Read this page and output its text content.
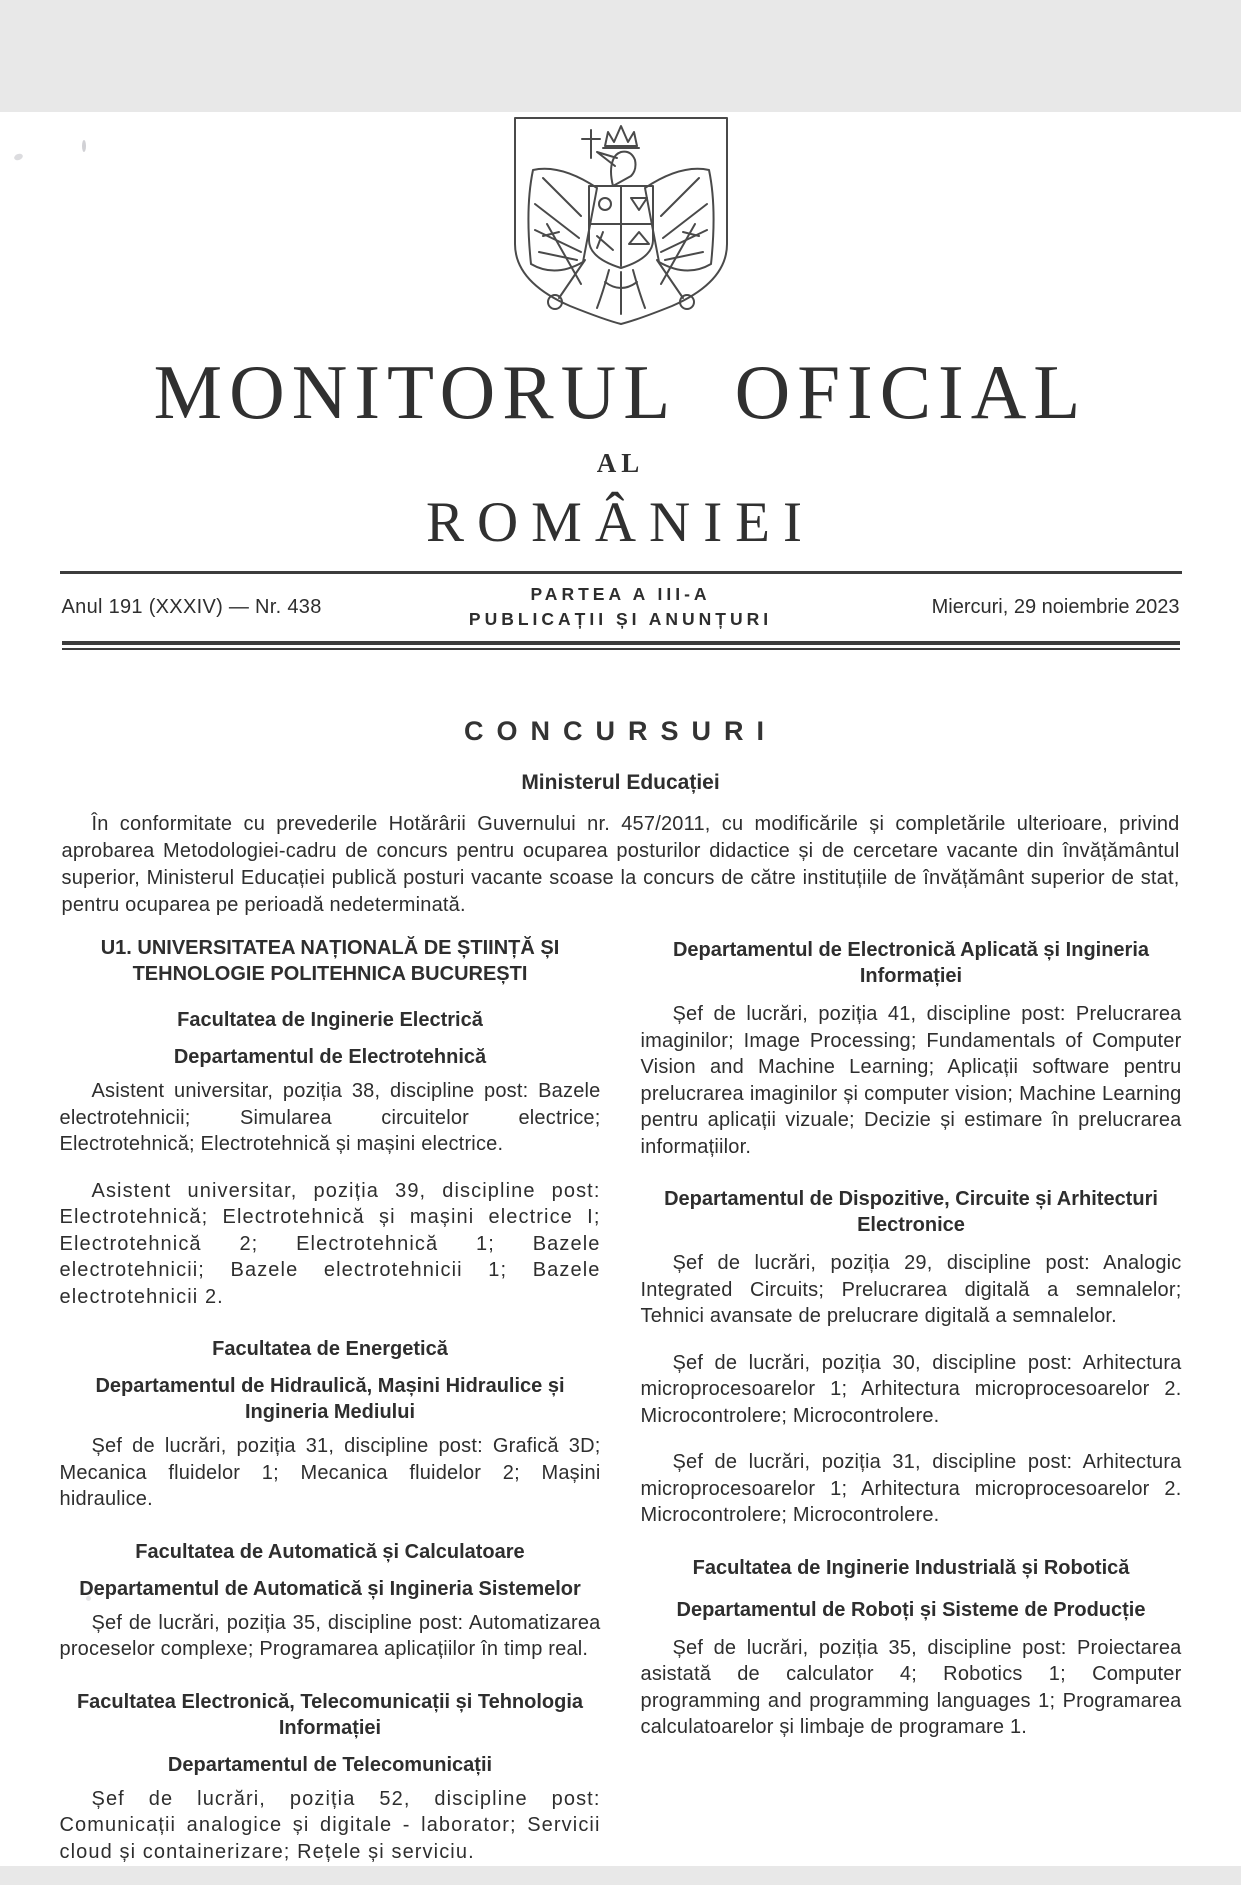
MONITORUL OFICIAL
AL
ROMÂNIEI
Anul 191 (XXXIV) — Nr. 438
PARTEA A III-A
PUBLICAȚII ȘI ANUNȚURI
Miercuri, 29 noiembrie 2023
CONCURSURI
Ministerul Educației

În conformitate cu prevederile Hotărârii Guvernului nr. 457/2011, cu modificările și completările ulterioare, privind aprobarea Metodologiei-cadru de concurs pentru ocuparea posturilor didactice și de cercetare vacante din învățământul superior, Ministerul Educației publică posturi vacante scoase la concurs de către instituțiile de învățământ superior de stat, pentru ocuparea pe perioadă nedeterminată.

U1. UNIVERSITATEA NAȚIONALĂ DE ȘTIINȚĂ ȘI TEHNOLOGIE POLITEHNICA BUCUREȘTI
Facultatea de Inginerie Electrică
Departamentul de Electrotehnică

Asistent universitar, poziția 38, discipline post: Bazele electrotehnicii; Simularea circuitelor electrice; Electrotehnică; Electrotehnică și mașini electrice.

Asistent universitar, poziția 39, discipline post: Electrotehnică; Electrotehnică și mașini electrice I; Electrotehnică 2; Electrotehnică 1; Bazele electrotehnicii; Bazele electrotehnicii 1; Bazele electrotehnicii 2.

Facultatea de Energetică
Departamentul de Hidraulică, Mașini Hidraulice și Ingineria Mediului

Șef de lucrări, poziția 31, discipline post: Grafică 3D; Mecanica fluidelor 1; Mecanica fluidelor 2; Mașini hidraulice.

Facultatea de Automatică și Calculatoare
Departamentul de Automatică și Ingineria Sistemelor

Șef de lucrări, poziția 35, discipline post: Automatizarea proceselor complexe; Programarea aplicațiilor în timp real.

Facultatea Electronică, Telecomunicații și Tehnologia Informației
Departamentul de Telecomunicații

Șef de lucrări, poziția 52, discipline post: Comunicații analogice și digitale - laborator; Servicii cloud și containerizare; Rețele și serviciu.

Departamentul de Electronică Aplicată și Ingineria Informației

Șef de lucrări, poziția 41, discipline post: Prelucrarea imaginilor; Image Processing; Fundamentals of Computer Vision and Machine Learning; Aplicații software pentru prelucrarea imaginilor și computer vision; Machine Learning pentru aplicații vizuale; Decizie și estimare în prelucrarea informațiilor.

Departamentul de Dispozitive, Circuite și Arhitecturi Electronice

Șef de lucrări, poziția 29, discipline post: Analogic Integrated Circuits; Prelucrarea digitală a semnalelor; Tehnici avansate de prelucrare digitală a semnalelor.

Șef de lucrări, poziția 30, discipline post: Arhitectura microprocesoarelor 1; Arhitectura microprocesoarelor 2. Microcontrolere; Microcontrolere.

Șef de lucrări, poziția 31, discipline post: Arhitectura microprocesoarelor 1; Arhitectura microprocesoarelor 2. Microcontrolere; Microcontrolere.

Facultatea de Inginerie Industrială și Robotică
Departamentul de Roboți și Sisteme de Producție

Șef de lucrări, poziția 35, discipline post: Proiectarea asistată de calculator 4; Robotics 1; Computer programming and programming languages 1; Programarea calculatoarelor și limbaje de programare 1.
